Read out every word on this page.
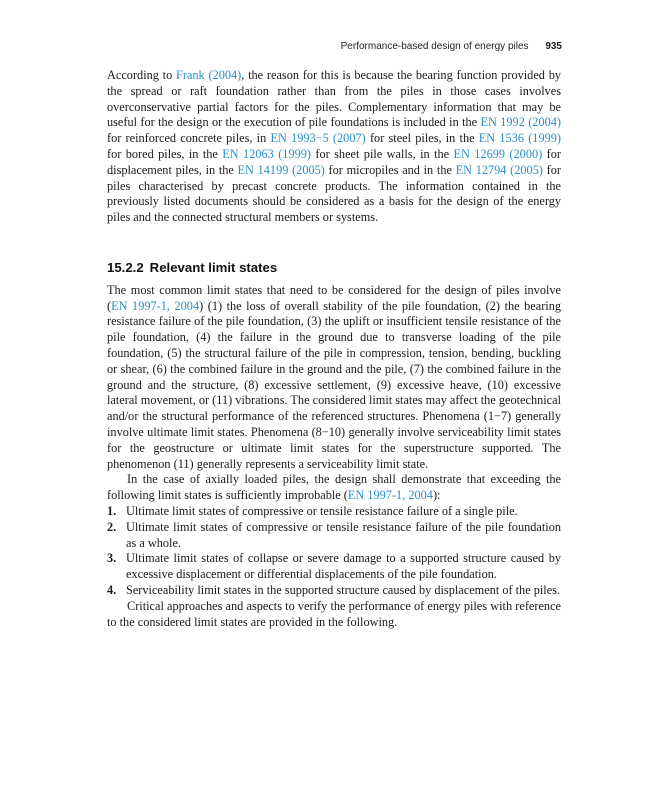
Performance-based design of energy piles 935

According to Frank (2004), the reason for this is because the bearing function provided by the spread or raft foundation rather than from the piles in those cases involves overconservative partial factors for the piles. Complementary information that may be useful for the design or the execution of pile foundations is included in the EN 1992 (2004) for reinforced concrete piles, in EN 1993−5 (2007) for steel piles, in the EN 1536 (1999) for bored piles, in the EN 12063 (1999) for sheet pile walls, in the EN 12699 (2000) for displacement piles, in the EN 14199 (2005) for micropiles and in the EN 12794 (2005) for piles characterised by precast concrete products. The information contained in the previously listed documents should be considered as a basis for the design of the energy piles and the connected structural members or systems.

15.2.2 Relevant limit states

The most common limit states that need to be considered for the design of piles involve (EN 1997-1, 2004) (1) the loss of overall stability of the pile foundation, (2) the bearing resistance failure of the pile foundation, (3) the uplift or insufficient tensile resistance of the pile foundation, (4) the failure in the ground due to transverse loading of the pile foundation, (5) the structural failure of the pile in compression, tension, bending, buckling or shear, (6) the combined failure in the ground and the pile, (7) the combined failure in the ground and the structure, (8) excessive settlement, (9) excessive heave, (10) excessive lateral movement, or (11) vibrations. The considered limit states may affect the geotechnical and/or the structural performance of the referenced structures. Phenomena (1−7) generally involve ultimate limit states. Phenomena (8−10) generally involve serviceability limit states for the geostructure or ultimate limit states for the superstructure supported. The phenomenon (11) generally represents a serviceability limit state.

In the case of axially loaded piles, the design shall demonstrate that exceeding the following limit states is sufficiently improbable (EN 1997-1, 2004):

1. Ultimate limit states of compressive or tensile resistance failure of a single pile.
2. Ultimate limit states of compressive or tensile resistance failure of the pile foundation as a whole.
3. Ultimate limit states of collapse or severe damage to a supported structure caused by excessive displacement or differential displacements of the pile foundation.
4. Serviceability limit states in the supported structure caused by displacement of the piles.

Critical approaches and aspects to verify the performance of energy piles with reference to the considered limit states are provided in the following.
